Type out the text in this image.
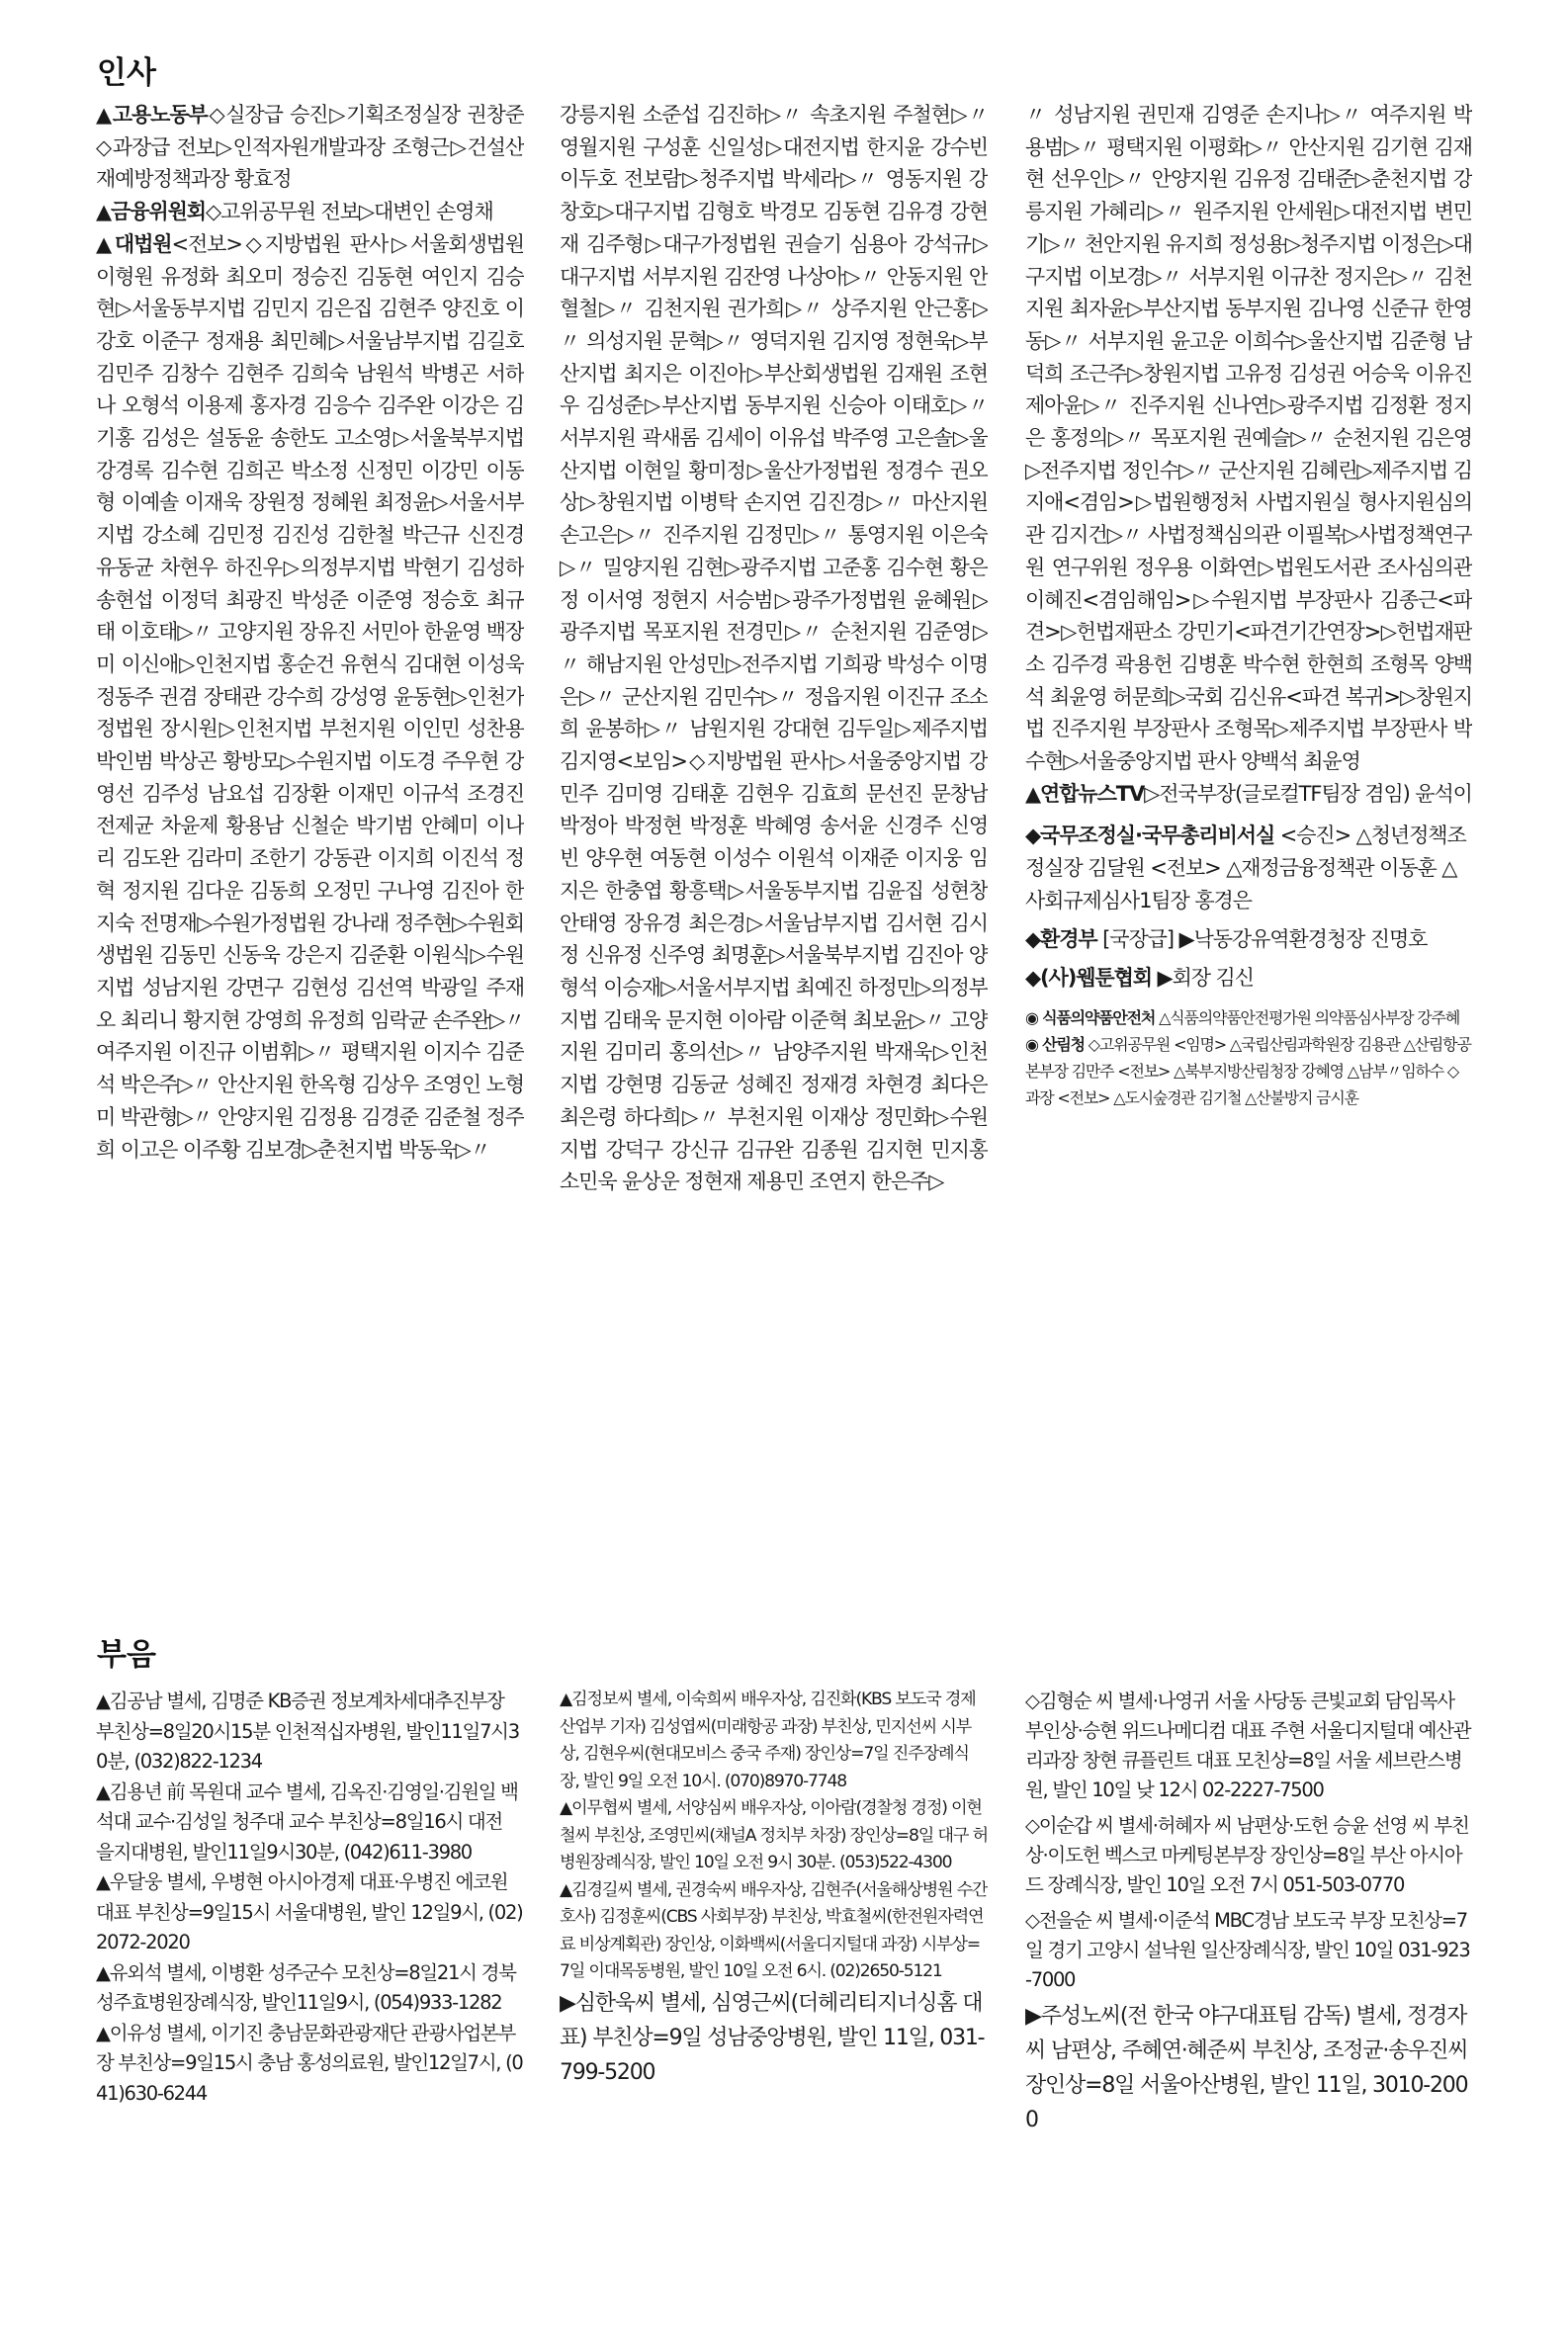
인사

▲고용노동부◇실장급 승진▷기획조정실장 권창준◇과장급 전보▷인적자원개발과장 조형근▷건설산재예방정책과장 황효정

▲금융위원회◇고위공무원 전보▷대변인 손영채

▲대법원<전보>◇지방법원 판사▷서울회생법원 이형원 유정화 최오미 정승진 김동현 여인지 김승현▷서울동부지법 김민지 김은집 김현주 양진호 이강호 이준구 정재용 최민혜▷서울남부지법 김길호 김민주 김창수 김현주 김희숙 남원석 박병곤 서하나 오형석 이용제 홍자경 김응수 김주완 이강은 김기홍 김성은 설동윤 송한도 고소영▷서울북부지법 강경록 김수현 김희곤 박소정 신정민 이강민 이동형 이예솔 이재욱 장원정 정혜원 최정윤▷서울서부지법 강소혜 김민정 김진성 김한철 박근규 신진경 유동균 차현우 하진우▷의정부지법 박현기 김성하 송현섭 이정덕 최광진 박성준 이준영 정승호 최규태 이호태▷〃 고양지원 장유진 서민아 한윤영 백장미 이신애▷인천지법 홍순건 유현식 김대현 이성욱 정동주 권겸 장태관 강수희 강성영 윤동현▷인천가정법원 장시원▷인천지법 부천지원 이인민 성찬용 박인범 박상곤 황방모▷수원지법 이도경 주우현 강영선 김주성 남요섭 김장환 이재민 이규석 조경진 전제균 차윤제 황용남 신철순 박기범 안혜미 이나리 김도완 김라미 조한기 강동관 이지희 이진석 정혁 정지원 김다운 김동희 오정민 구나영 김진아 한지숙 전명재▷수원가정법원 강나래 정주현▷수원회생법원 김동민 신동욱 강은지 김준환 이원식▷수원지법 성남지원 강면구 김현성 김선역 박광일 주재오 최리니 황지현 강영희 유정희 임락균 손주완▷〃 여주지원 이진규 이범휘▷〃 평택지원 이지수 김준석 박은주▷〃 안산지원 한옥형 김상우 조영인 노형미 박관형▷〃 안양지원 김정용 김경준 김준철 정주희 이고은 이주황 김보경▷춘천지법 박동욱▷〃

강릉지원 소준섭 김진하▷〃 속초지원 주철현▷〃 영월지원 구성훈 신일성▷대전지법 한지윤 강수빈 이두호 전보람▷청주지법 박세라▷〃 영동지원 강창호▷대구지법 김형호 박경모 김동현 김유경 강현재 김주형▷대구가정법원 권슬기 심용아 강석규▷대구지법 서부지원 김잔영 나상아▷〃 안동지원 안혈철▷〃 김천지원 권가희▷〃 상주지원 안근홍▷〃 의성지원 문혁▷〃 영덕지원 김지영 정현욱▷부산지법 최지은 이진아▷부산회생법원 김재원 조현우 김성준▷부산지법 동부지원 신승아 이태호▷〃 서부지원 곽새롬 김세이 이유섭 박주영 고은솔▷울산지법 이현일 황미정▷울산가정법원 정경수 권오상▷창원지법 이병탁 손지연 김진경▷〃 마산지원 손고은▷〃 진주지원 김정민▷〃 통영지원 이은숙▷〃 밀양지원 김현▷광주지법 고준홍 김수현 황은정 이서영 정현지 서승범▷광주가정법원 윤혜원▷광주지법 목포지원 전경민▷〃 순천지원 김준영▷〃 해남지원 안성민▷전주지법 기희광 박성수 이명은▷〃 군산지원 김민수▷〃 정읍지원 이진규 조소희 윤봉하▷〃 남원지원 강대현 김두일▷제주지법 김지영<보임>◇지방법원 판사▷서울중앙지법 강민주 김미영 김태훈 김현우 김효희 문선진 문창남 박정아 박정현 박정훈 박혜영 송서윤 신경주 신영빈 양우현 여동현 이성수 이원석 이재준 이지웅 임지은 한충엽 황흥택▷서울동부지법 김윤집 성현창 안태영 장유경 최은경▷서울남부지법 김서현 김시정 신유정 신주영 최명훈▷서울북부지법 김진아 양형석 이승재▷서울서부지법 최예진 하정민▷의정부지법 김태욱 문지현 이아람 이준혁 최보윤▷〃 고양지원 김미리 홍의선▷〃 남양주지원 박재욱▷인천지법 강현명 김동균 성혜진 정재경 차현경 최다은 최은령 하다희▷〃 부천지원 이재상 정민화▷수원지법 강덕구 강신규 김규완 김종원 김지현 민지홍 소민욱 윤상운 정현재 제용민 조연지 한은주▷

〃 성남지원 권민재 김영준 손지나▷〃 여주지원 박용범▷〃 평택지원 이평화▷〃 안산지원 김기현 김재현 선우인▷〃 안양지원 김유정 김태준▷춘천지법 강릉지원 가혜리▷〃 원주지원 안세원▷대전지법 변민기▷〃 천안지원 유지희 정성용▷청주지법 이정은▷대구지법 이보경▷〃 서부지원 이규찬 정지은▷〃 김천지원 최자윤▷부산지법 동부지원 김나영 신준규 한영동▷〃 서부지원 윤고운 이희수▷울산지법 김준형 남덕희 조근주▷창원지법 고유정 김성권 어승욱 이유진 제아윤▷〃 진주지원 신나연▷광주지법 김정환 정지은 홍정의▷〃 목포지원 권예슬▷〃 순천지원 김은영▷전주지법 정인수▷〃 군산지원 김혜린▷제주지법 김지애<겸임>▷법원행정처 사법지원실 형사지원심의관 김지건▷〃 사법정책심의관 이필복▷사법정책연구원 연구위원 정우용 이화연▷법원도서관 조사심의관 이혜진<겸임해임>▷수원지법 부장판사 김종근<파견>▷헌법재판소 강민기<파견기간연장>▷헌법재판소 김주경 곽용헌 김병훈 박수현 한현희 조형목 양백석 최윤영 허문희▷국회 김신유<파견 복귀>▷창원지법 진주지원 부장판사 조형목▷제주지법 부장판사 박수현▷서울중앙지법 판사 양백석 최윤영

▲연합뉴스TV▷전국부장(글로컬TF팀장 겸임) 윤석이

◆국무조정실·국무총리비서실 <승진> △청년정책조정실장 김달원 <전보> △재정금융정책관 이동훈 △사회규제심사1팀장 홍경은

◆환경부 [국장급] ▶낙동강유역환경청장 진명호

◆(사)웹툰협회 ▶회장 김신

◉ 식품의약품안전처 △식품의약품안전평가원 의약품심사부장 강주혜

◉ 산림청 ◇고위공무원 <임명> △국립산림과학원장 김용관 △산림항공본부장 김만주 <전보> △북부지방산림청장 강혜영 △남부〃임하수 ◇과장 <전보> △도시숲경관 김기철 △산불방지 금시훈

부음

▲김공남 별세, 김명준 KB증권 정보계차세대추진부장 부친상=8일20시15분 인천적십자병원, 발인11일7시30분, (032)822-1234

▲김용년 前 목원대 교수 별세, 김옥진·김영일·김원일 백석대 교수·김성일 청주대 교수 부친상=8일16시 대전 을지대병원, 발인11일9시30분, (042)611-3980

▲우달웅 별세, 우병현 아시아경제 대표·우병진 에코원 대표 부친상=9일15시 서울대병원, 발인 12일9시, (02)2072-2020

▲유외석 별세, 이병환 성주군수 모친상=8일21시 경북 성주효병원장례식장, 발인11일9시, (054)933-1282

▲이유성 별세, 이기진 충남문화관광재단 관광사업본부장 부친상=9일15시 충남 홍성의료원, 발인12일7시, (041)630-6244

▲김정보씨 별세, 이숙희씨 배우자상, 김진화(KBS 보도국 경제산업부 기자) 김성엽씨(미래항공 과장) 부친상, 민지선씨 시부상, 김현우씨(현대모비스 중국 주재) 장인상=7일 진주장례식장, 발인 9일 오전 10시. (070)8970-7748

▲이무협씨 별세, 서양심씨 배우자상, 이아람(경찰청 경정) 이현철씨 부친상, 조영민씨(채널A 정치부 차장) 장인상=8일 대구 허병원장례식장, 발인 10일 오전 9시 30분. (053)522-4300

▲김경길씨 별세, 권경숙씨 배우자상, 김현주(서울해상병원 수간호사) 김정훈씨(CBS 사회부장) 부친상, 박효철씨(한전원자력연료 비상계획관) 장인상, 이화백씨(서울디지털대 과장) 시부상=7일 이대목동병원, 발인 10일 오전 6시. (02)2650-5121

▶심한욱씨 별세, 심영근씨(더헤리티지너싱홈 대표) 부친상=9일 성남중앙병원, 발인 11일, 031-799-5200

◇김형순 씨 별세·나영귀 서울 사당동 큰빛교회 담임목사 부인상·승현 위드나메디컴 대표 주현 서울디지털대 예산관리과장 창현 큐플린트 대표 모친상=8일 서울 세브란스병원, 발인 10일 낮 12시 02-2227-7500

◇이순갑 씨 별세·허혜자 씨 남편상·도헌 승윤 선영 씨 부친상·이도헌 벡스코 마케팅본부장 장인상=8일 부산 아시아드 장례식장, 발인 10일 오전 7시 051-503-0770

◇전을순 씨 별세·이준석 MBC경남 보도국 부장 모친상=7일 경기 고양시 설낙원 일산장례식장, 발인 10일 031-923-7000

▶주성노씨(전 한국 야구대표팀 감독) 별세, 정경자씨 남편상, 주혜연·혜준씨 부친상, 조정균·송우진씨 장인상=8일 서울아산병원, 발인 11일, 3010-2000
